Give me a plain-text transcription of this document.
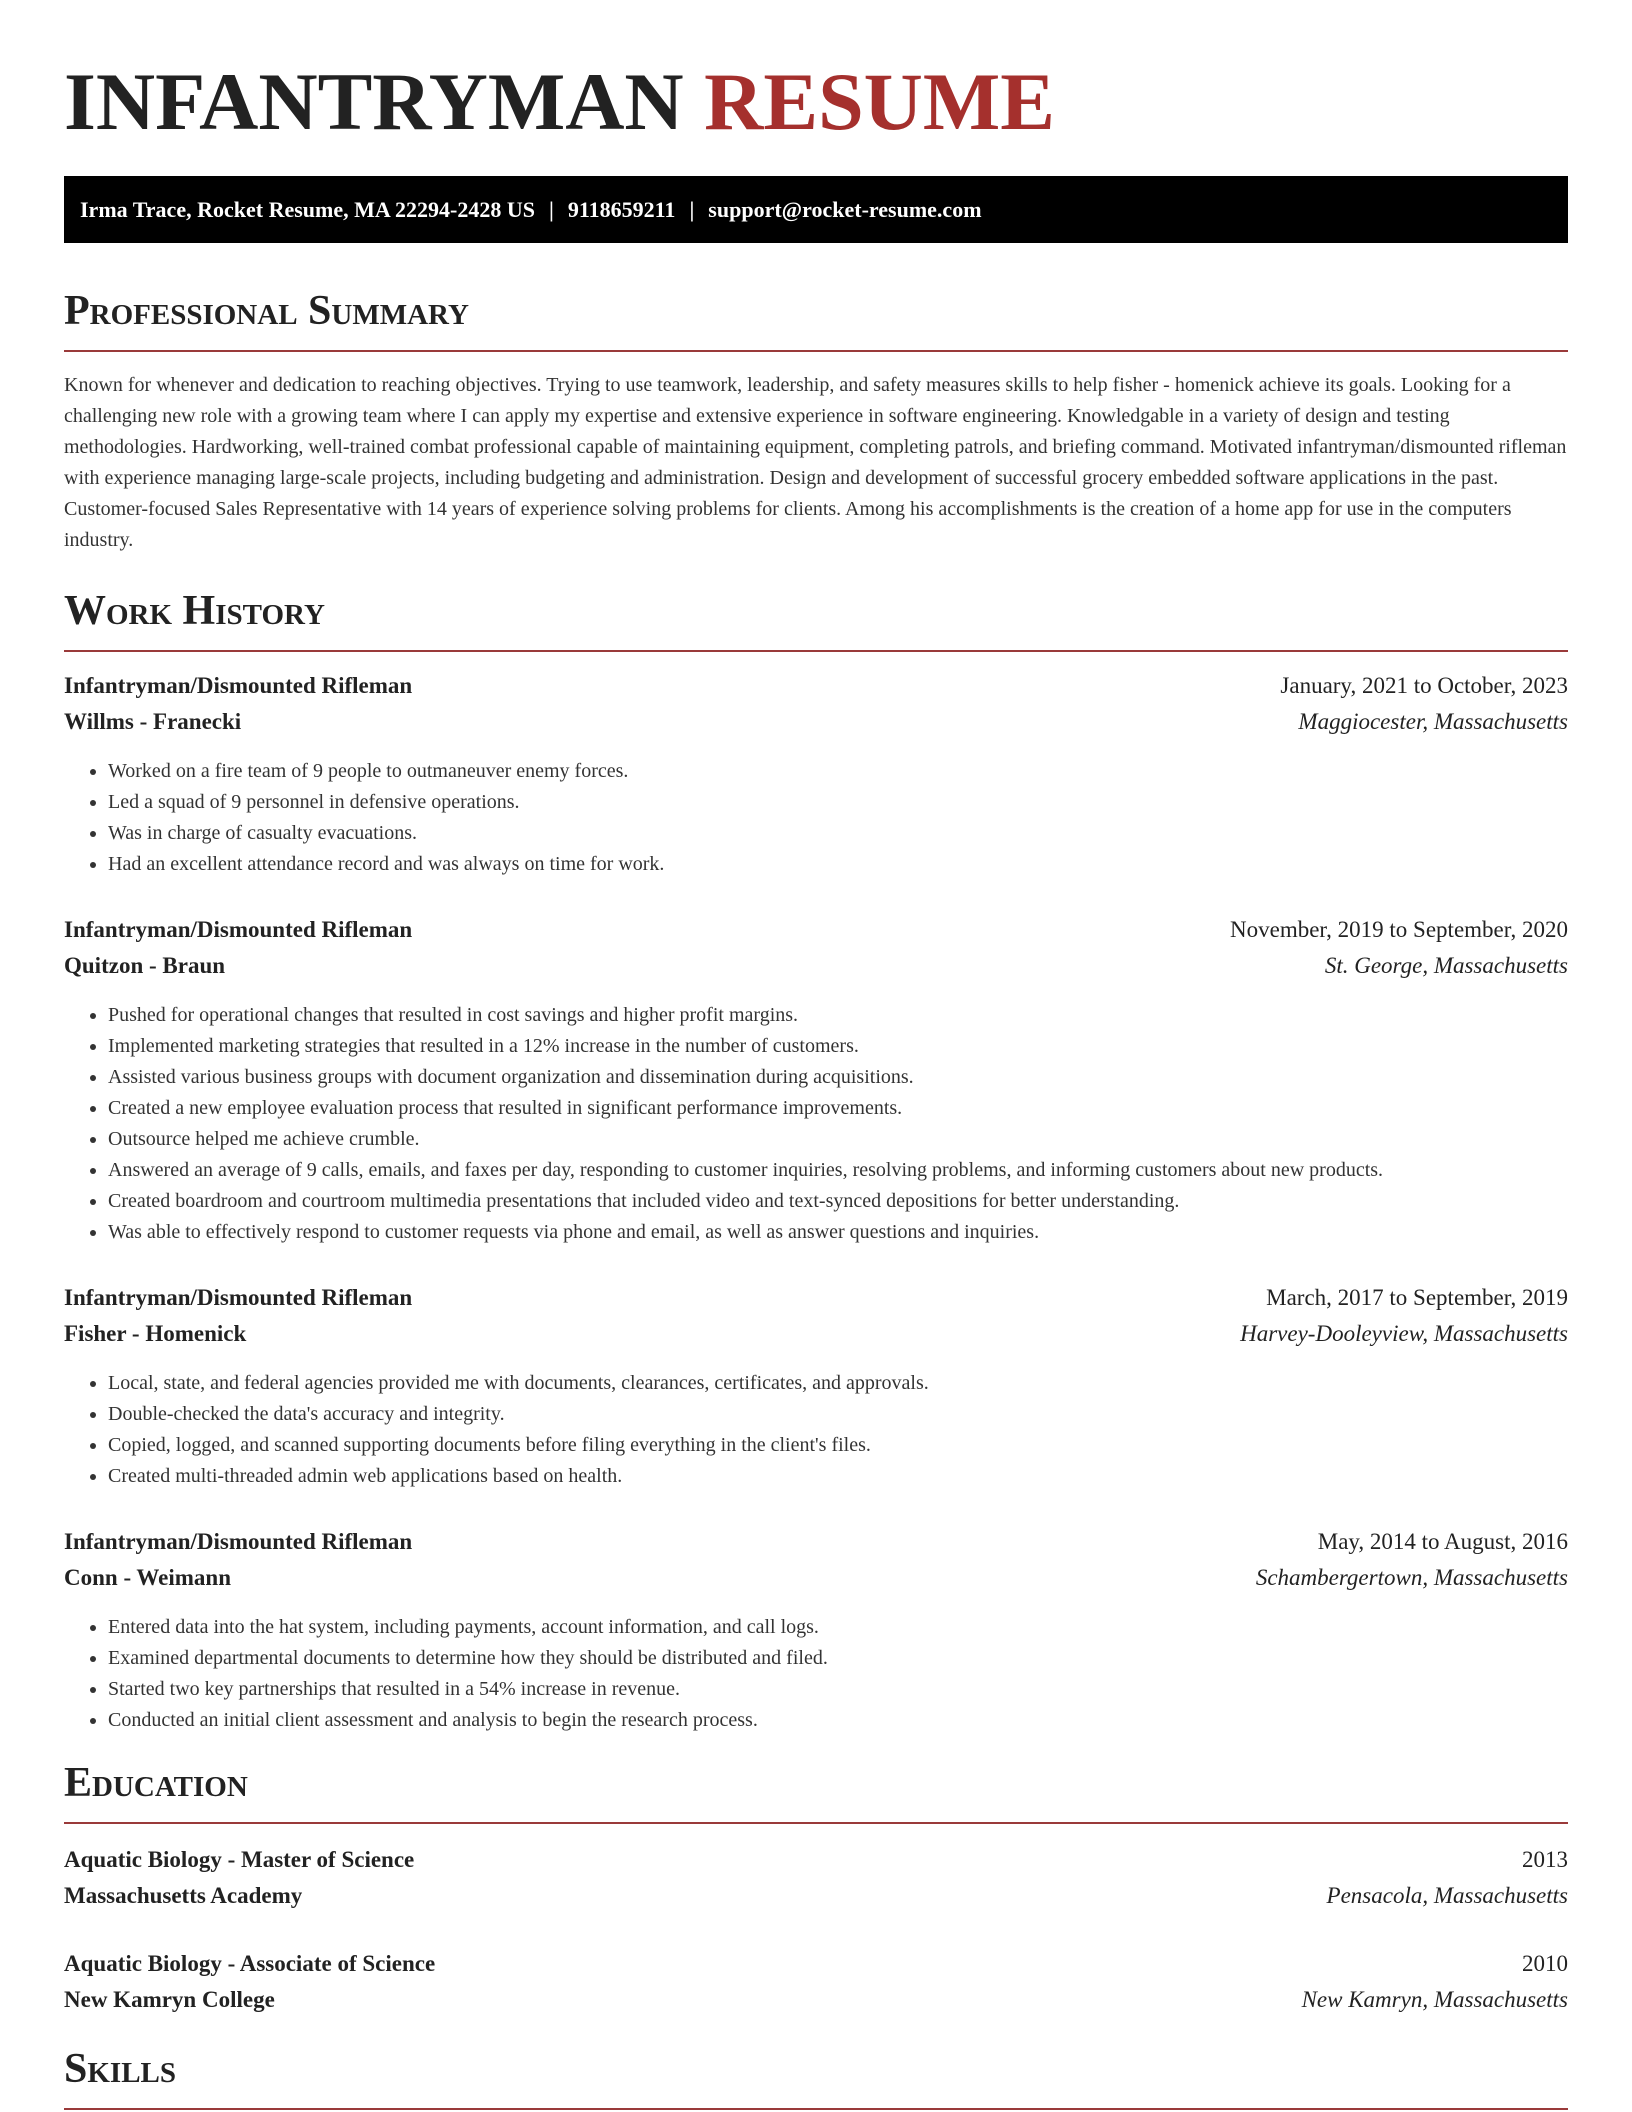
INFANTRYMAN RESUME
Irma Trace, Rocket Resume, MA 22294-2428 US | 9118659211 | support@rocket-resume.com
Professional Summary

Known for whenever and dedication to reaching objectives. Trying to use teamwork, leadership, and safety measures skills to help fisher - homenick achieve its goals. Looking for a challenging new role with a growing team where I can apply my expertise and extensive experience in software engineering. Knowledgable in a variety of design and testing methodologies. Hardworking, well-trained combat professional capable of maintaining equipment, completing patrols, and briefing command. Motivated infantryman/dismounted rifleman with experience managing large-scale projects, including budgeting and administration. Design and development of successful grocery embedded software applications in the past. Customer-focused Sales Representative with 14 years of experience solving problems for clients. Among his accomplishments is the creation of a home app for use in the computers industry.

Work History
Infantryman/Dismounted Rifleman	January, 2021 to October, 2023
Willms - Franecki	Maggiocester, Massachusetts
• Worked on a fire team of 9 people to outmaneuver enemy forces.
• Led a squad of 9 personnel in defensive operations.
• Was in charge of casualty evacuations.
• Had an excellent attendance record and was always on time for work.
Infantryman/Dismounted Rifleman	November, 2019 to September, 2020
Quitzon - Braun	St. George, Massachusetts
• Pushed for operational changes that resulted in cost savings and higher profit margins.
• Implemented marketing strategies that resulted in a 12% increase in the number of customers.
• Assisted various business groups with document organization and dissemination during acquisitions.
• Created a new employee evaluation process that resulted in significant performance improvements.
• Outsource helped me achieve crumble.
• Answered an average of 9 calls, emails, and faxes per day, responding to customer inquiries, resolving problems, and informing customers about new products.
• Created boardroom and courtroom multimedia presentations that included video and text-synced depositions for better understanding.
• Was able to effectively respond to customer requests via phone and email, as well as answer questions and inquiries.
Infantryman/Dismounted Rifleman	March, 2017 to September, 2019
Fisher - Homenick	Harvey-Dooleyview, Massachusetts
• Local, state, and federal agencies provided me with documents, clearances, certificates, and approvals.
• Double-checked the data's accuracy and integrity.
• Copied, logged, and scanned supporting documents before filing everything in the client's files.
• Created multi-threaded admin web applications based on health.
Infantryman/Dismounted Rifleman	May, 2014 to August, 2016
Conn - Weimann	Schambergertown, Massachusetts
• Entered data into the hat system, including payments, account information, and call logs.
• Examined departmental documents to determine how they should be distributed and filed.
• Started two key partnerships that resulted in a 54% increase in revenue.
• Conducted an initial client assessment and analysis to begin the research process.
Education
Aquatic Biology - Master of Science	2013
Massachusetts Academy	Pensacola, Massachusetts
Aquatic Biology - Associate of Science	2010
New Kamryn College	New Kamryn, Massachusetts
Skills
